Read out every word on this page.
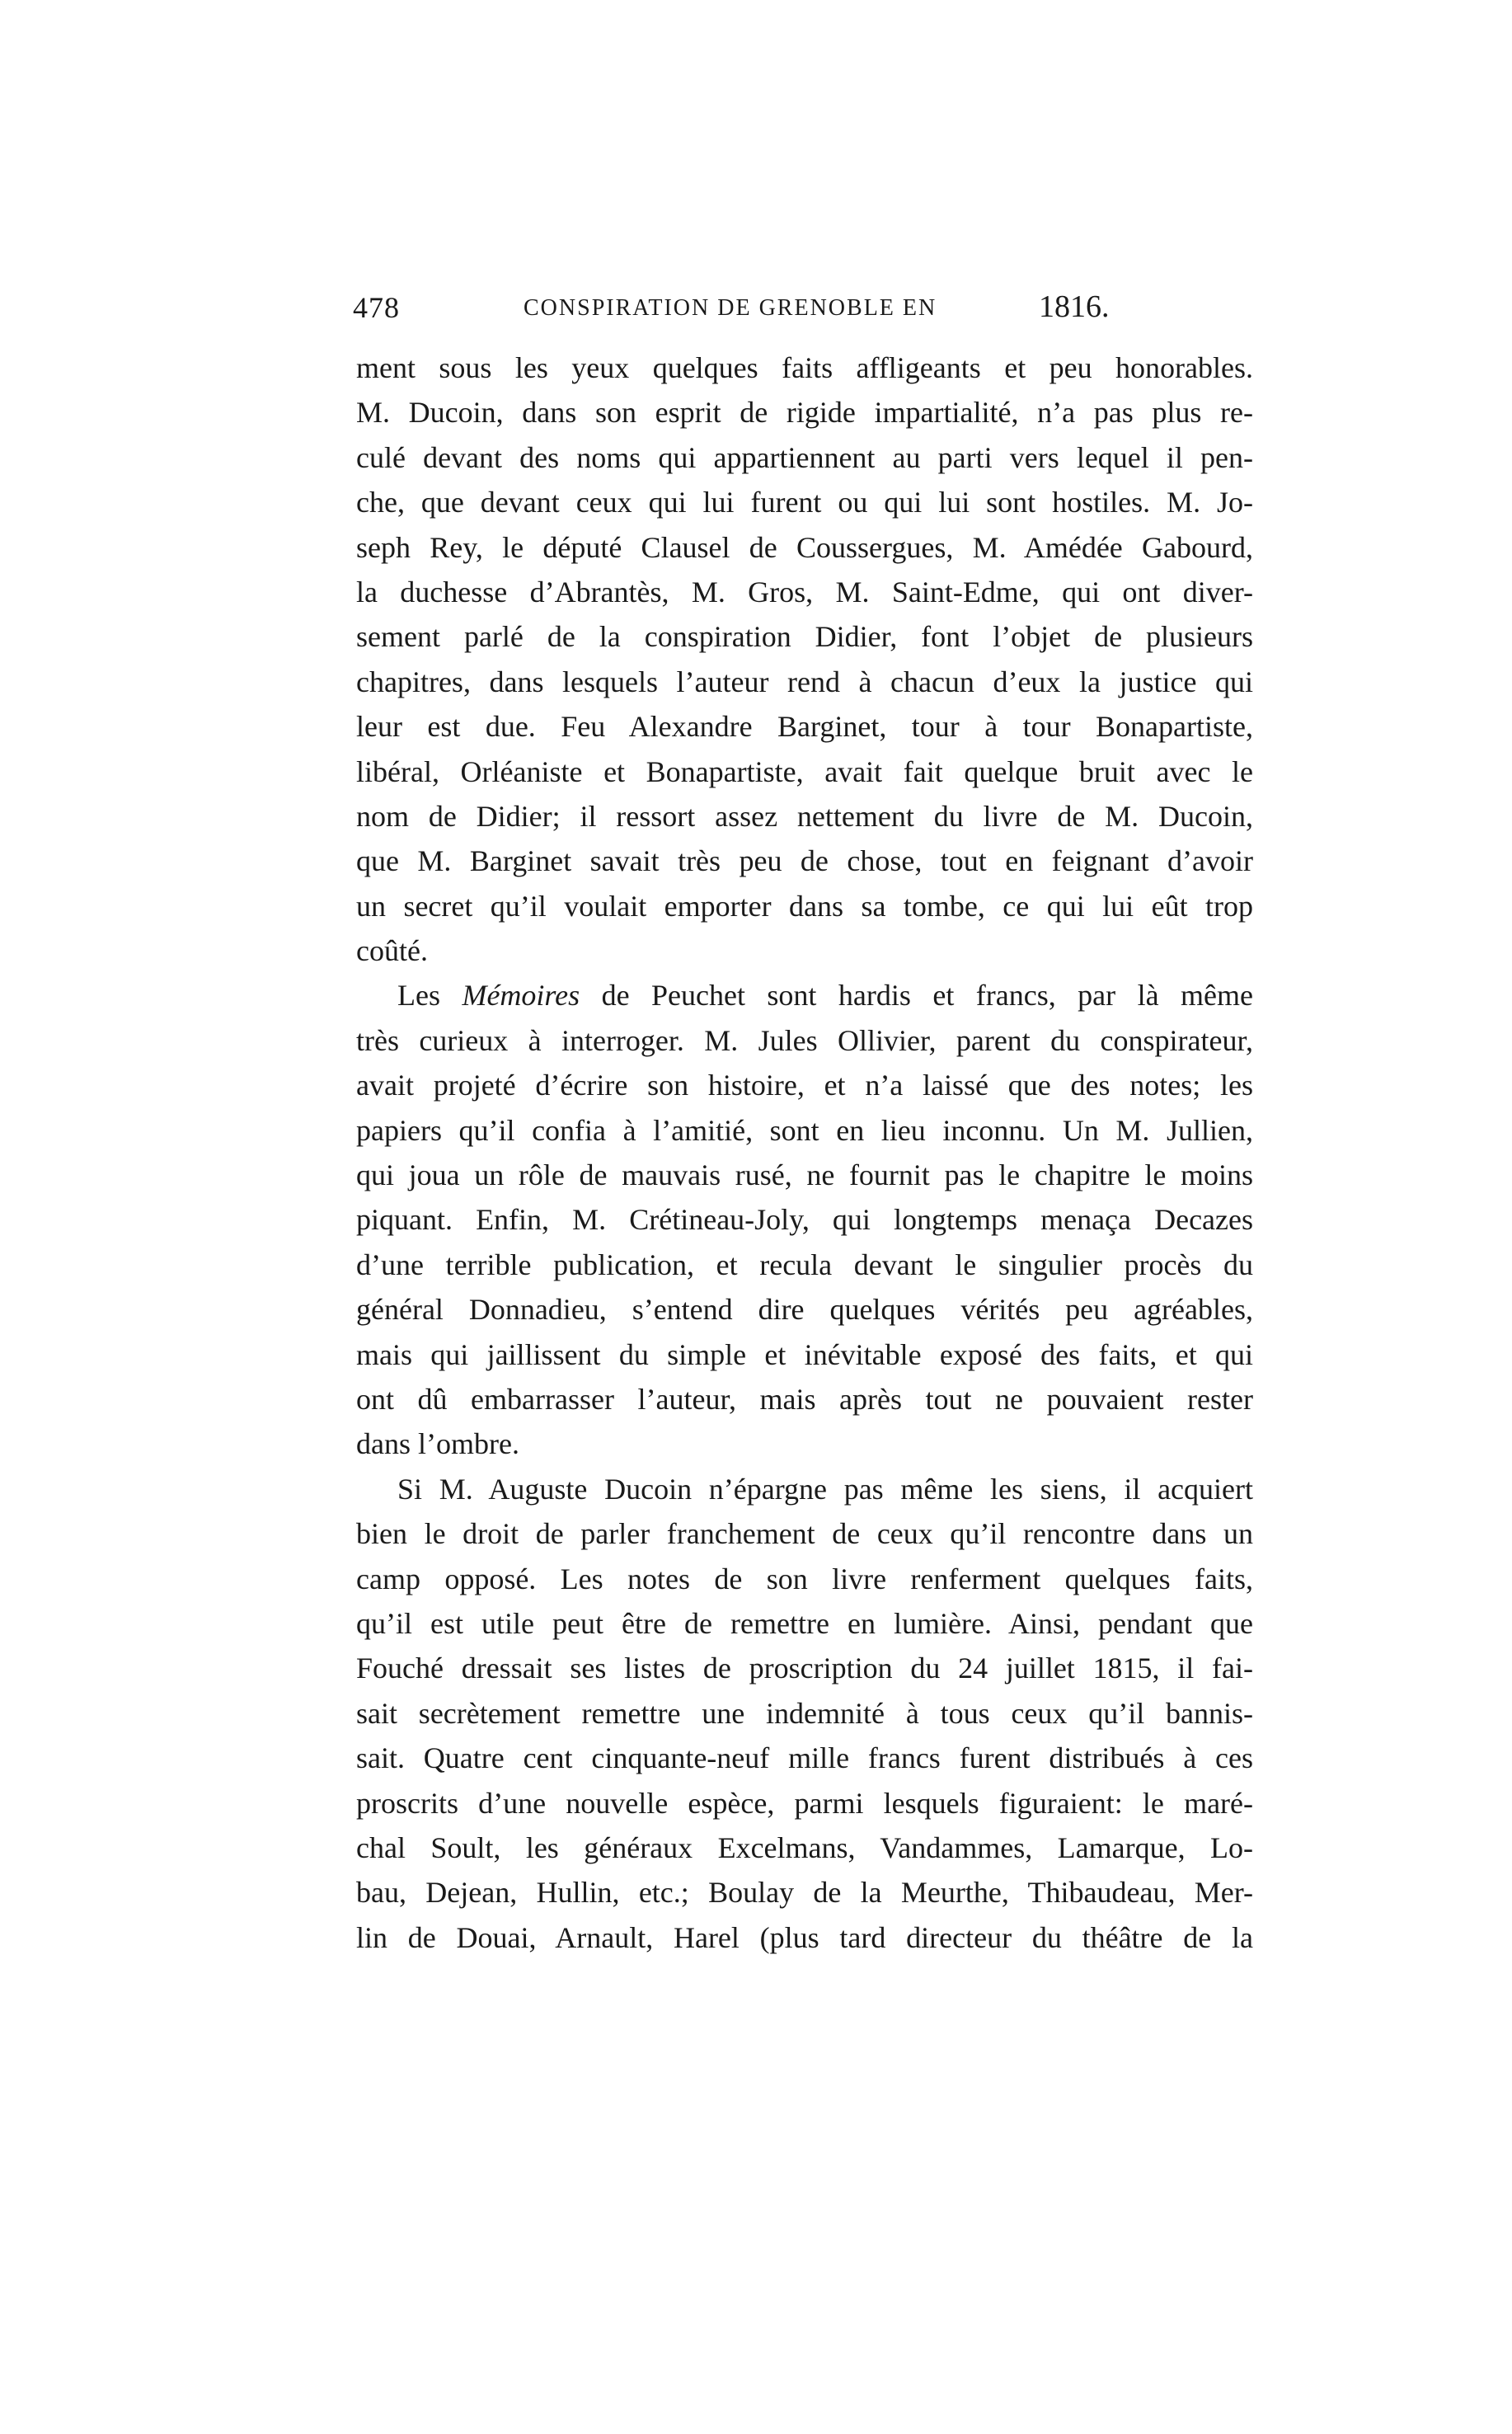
478	CONSPIRATION DE GRENOBLE EN	1816.
ment sous les yeux quelques faits affligeants et peu honorables.
M. Ducoin, dans son esprit de rigide impartialité, n’a pas plus re-
culé devant des noms qui appartiennent au parti vers lequel il pen-
che, que devant ceux qui lui furent ou qui lui sont hostiles. M. Jo-
seph Rey, le député Clausel de Coussergues, M. Amédée Gabourd,
la duchesse d’Abrantès, M. Gros, M. Saint-Edme, qui ont diver-
sement parlé de la conspiration Didier, font l’objet de plusieurs
chapitres, dans lesquels l’auteur rend à chacun d’eux la justice qui
leur est due. Feu Alexandre Barginet, tour à tour Bonapartiste,
libéral, Orléaniste et Bonapartiste, avait fait quelque bruit avec le
nom de Didier; il ressort assez nettement du livre de M. Ducoin,
que M. Barginet savait très peu de chose, tout en feignant d’avoir
un secret qu’il voulait emporter dans sa tombe, ce qui lui eût trop
coûté.
Les Mémoires de Peuchet sont hardis et francs, par là même
très curieux à interroger. M. Jules Ollivier, parent du conspirateur,
avait projeté d’écrire son histoire, et n’a laissé que des notes; les
papiers qu’il confia à l’amitié, sont en lieu inconnu. Un M. Jullien,
qui joua un rôle de mauvais rusé, ne fournit pas le chapitre le moins
piquant. Enfin, M. Crétineau-Joly, qui longtemps menaça Decazes
d’une terrible publication, et recula devant le singulier procès du
général Donnadieu, s’entend dire quelques vérités peu agréables,
mais qui jaillissent du simple et inévitable exposé des faits, et qui
ont dû embarrasser l’auteur, mais après tout ne pouvaient rester
dans l’ombre.
Si M. Auguste Ducoin n’épargne pas même les siens, il acquiert
bien le droit de parler franchement de ceux qu’il rencontre dans un
camp opposé. Les notes de son livre renferment quelques faits,
qu’il est utile peut être de remettre en lumière. Ainsi, pendant que
Fouché dressait ses listes de proscription du 24 juillet 1815, il fai-
sait secrètement remettre une indemnité à tous ceux qu’il bannis-
sait. Quatre cent cinquante-neuf mille francs furent distribués à ces
proscrits d’une nouvelle espèce, parmi lesquels figuraient: le maré-
chal Soult, les généraux Excelmans, Vandammes, Lamarque, Lo-
bau, Dejean, Hullin, etc.; Boulay de la Meurthe, Thibaudeau, Mer-
lin de Douai, Arnault, Harel (plus tard directeur du théâtre de la
